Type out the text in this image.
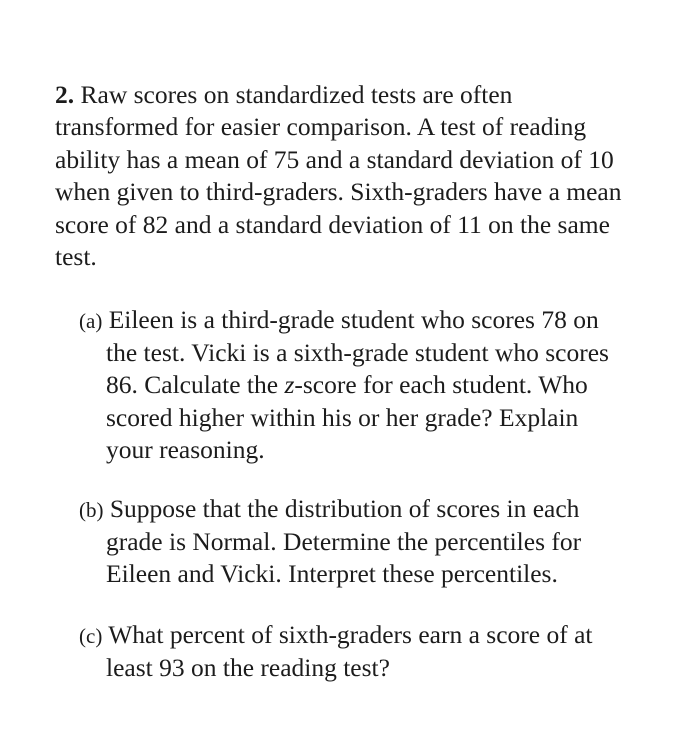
2. Raw scores on standardized tests are often
transformed for easier comparison. A test of reading
ability has a mean of 75 and a standard deviation of 10
when given to third-graders. Sixth-graders have a mean
score of 82 and a standard deviation of 11 on the same
test.
(a) Eileen is a third-grade student who scores 78 on
the test. Vicki is a sixth-grade student who scores
86. Calculate the z-score for each student. Who
scored higher within his or her grade? Explain
your reasoning.
(b) Suppose that the distribution of scores in each
grade is Normal. Determine the percentiles for
Eileen and Vicki. Interpret these percentiles.
(c) What percent of sixth-graders earn a score of at
least 93 on the reading test?
